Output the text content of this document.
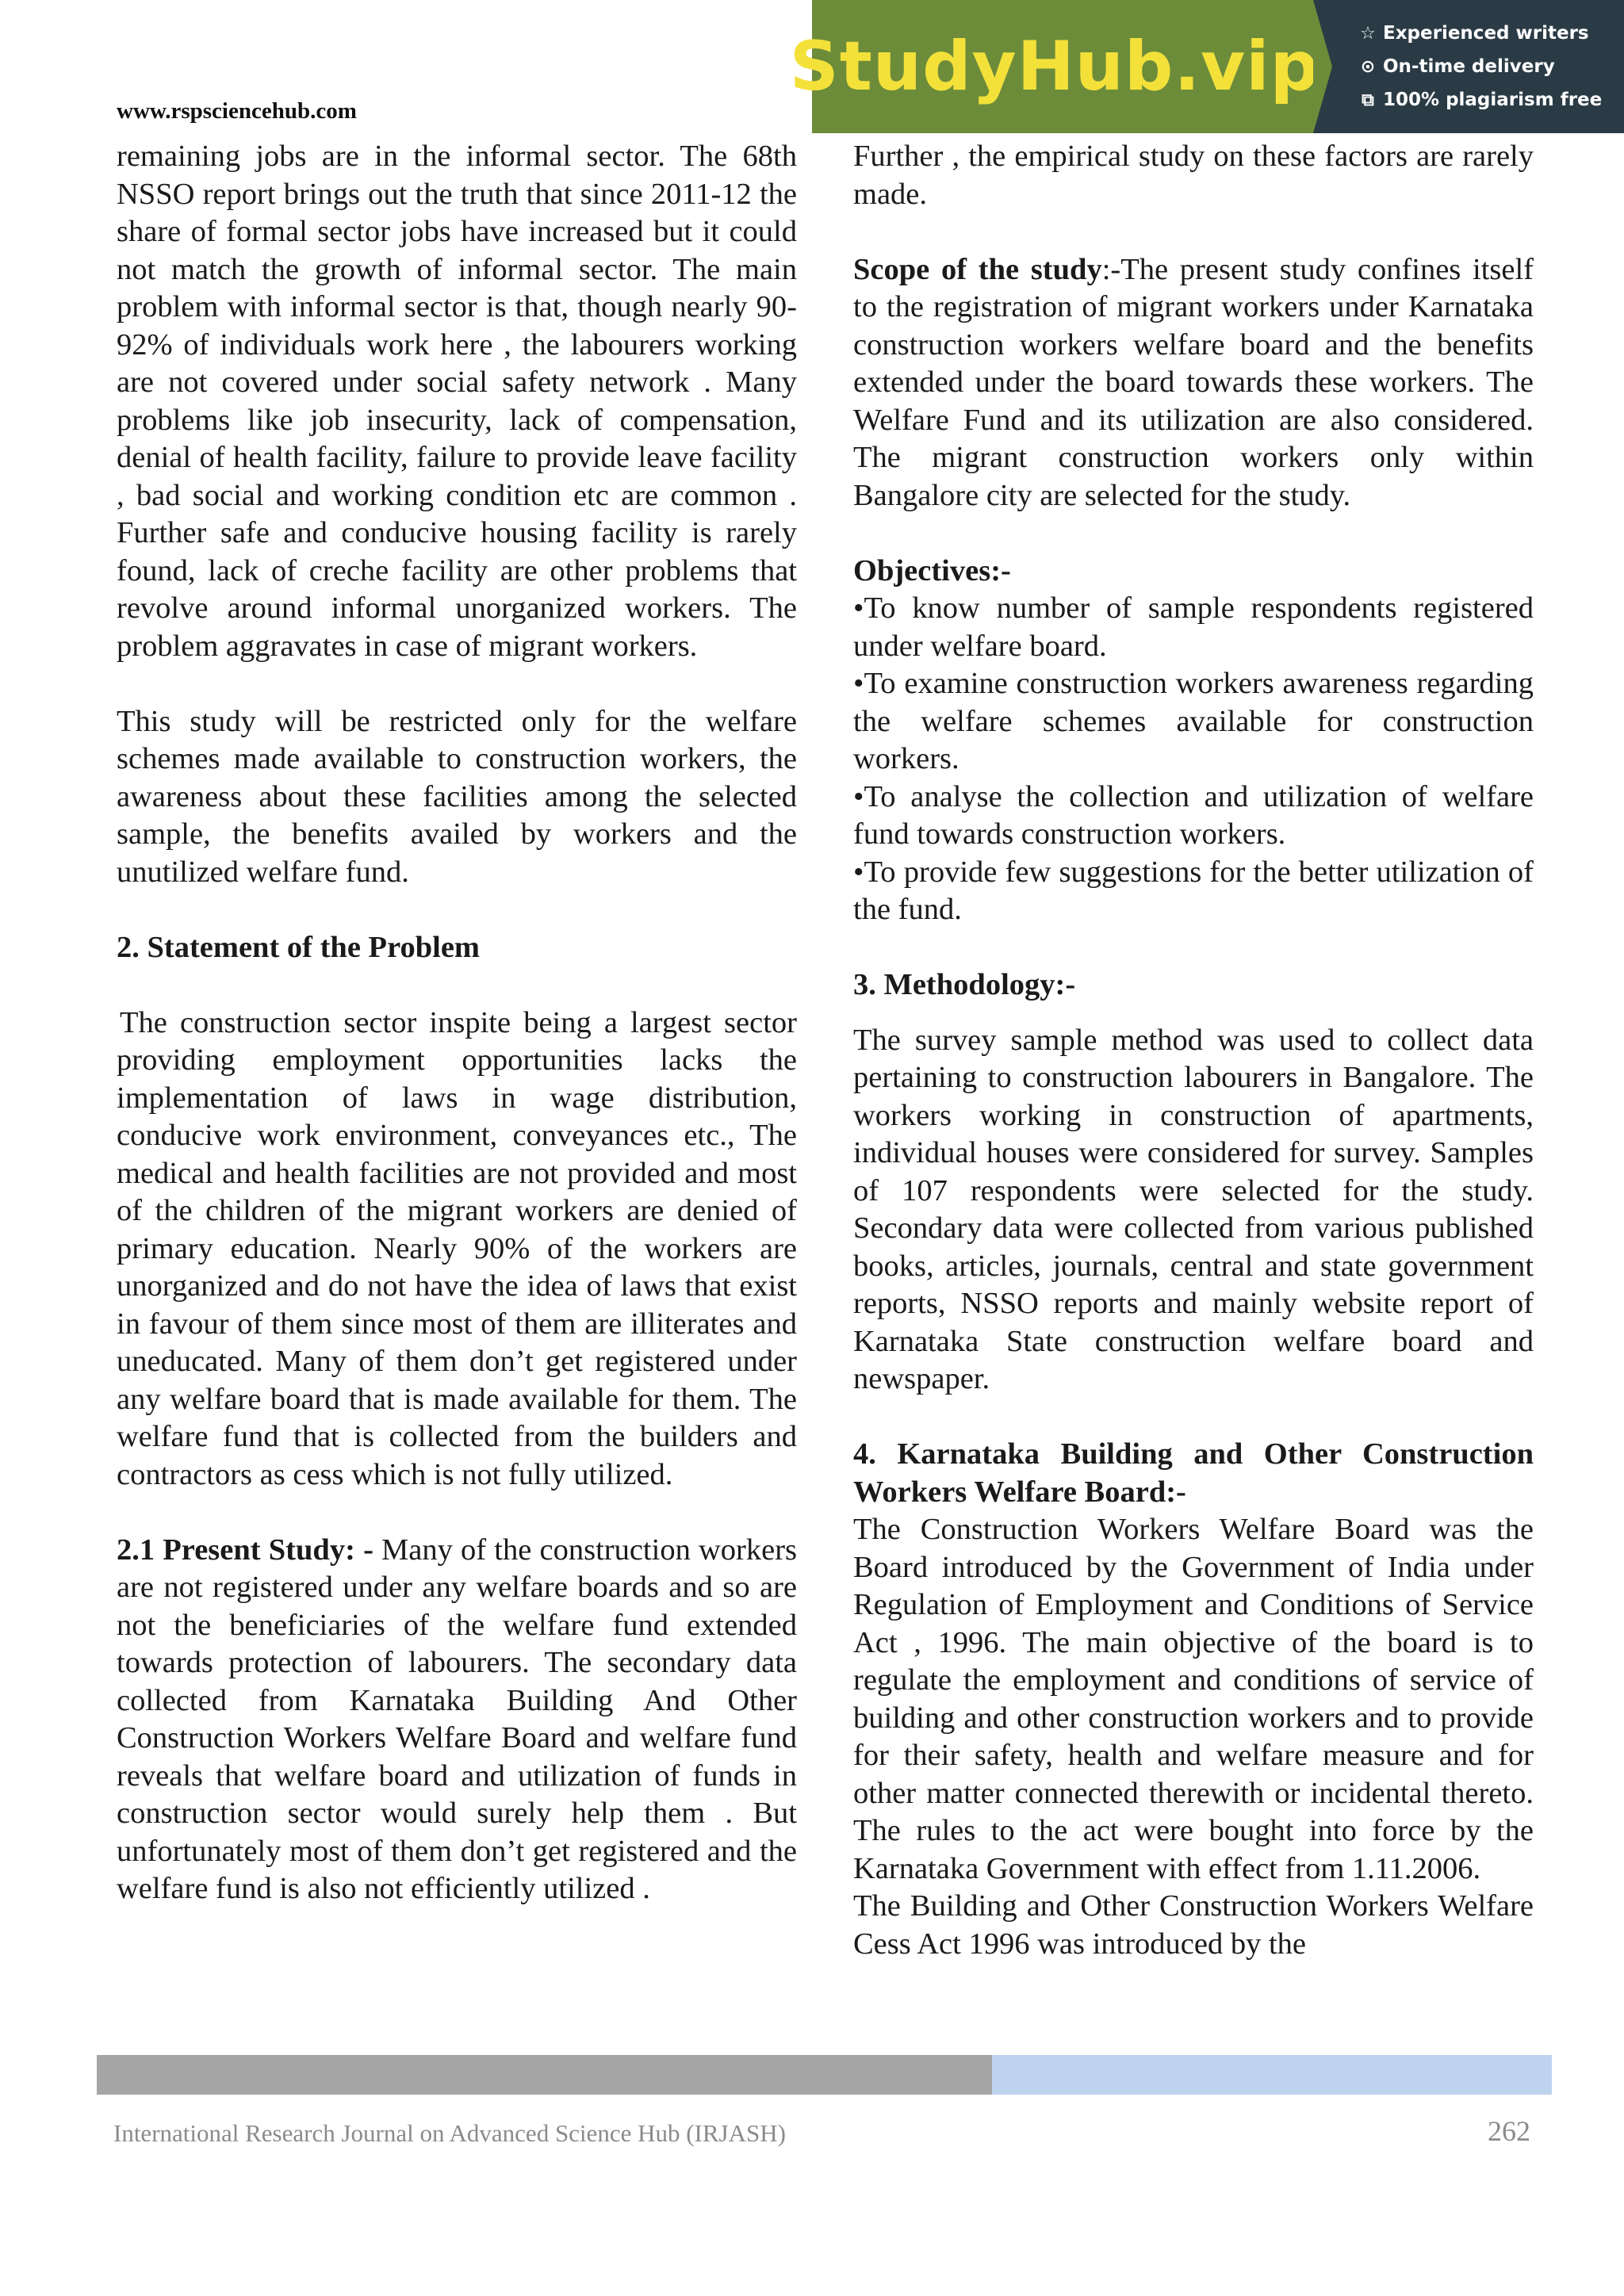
StudyHub.vip ☆ Experienced writers
⊙ On-time delivery
⧉ 100% plagiarism free
www.rspsciencehub.com

remaining jobs are in the informal sector. The 68th NSSO report brings out the truth that since 2011-12 the share of formal sector jobs have increased but it could not match the growth of informal sector. The main problem with informal sector is that, though nearly 90-92% of individuals work here , the labourers working are not covered under social safety network . Many problems like job insecurity, lack of compensation, denial of health facility, failure to provide leave facility , bad social and working condition etc are common . Further safe and conducive housing facility is rarely found, lack of creche facility are other problems that revolve around informal unorganized workers. The problem aggravates in case of migrant workers.

This study will be restricted only for the welfare schemes made available to construction workers, the awareness about these facilities among the selected sample, the benefits availed by workers and the unutilized welfare fund.

2. Statement of the Problem

The construction sector inspite being a largest sector providing employment opportunities lacks the implementation of laws in wage distribution, conducive work environment, conveyances etc., The medical and health facilities are not provided and most of the children of the migrant workers are denied of primary education. Nearly 90% of the workers are unorganized and do not have the idea of laws that exist in favour of them since most of them are illiterates and uneducated. Many of them don’t get registered under any welfare board that is made available for them. The welfare fund that is collected from the builders and contractors as cess which is not fully utilized.

2.1 Present Study: - Many of the construction workers are not registered under any welfare boards and so are not the beneficiaries of the welfare fund extended towards protection of labourers. The secondary data collected from Karnataka Building And Other Construction Workers Welfare Board and welfare fund reveals that welfare board and utilization of funds in construction sector would surely help them . But unfortunately most of them don’t get registered and the welfare fund is also not efficiently utilized .

Further , the empirical study on these factors are rarely made.

Scope of the study:-The present study confines itself to the registration of migrant workers under Karnataka construction workers welfare board and the benefits extended under the board towards these workers. The Welfare Fund and its utilization are also considered. The migrant construction workers only within Bangalore city are selected for the study.

Objectives:-

•To know number of sample respondents registered under welfare board.

•To examine construction workers awareness regarding the welfare schemes available for construction workers.

•To analyse the collection and utilization of welfare fund towards construction workers.

•To provide few suggestions for the better utilization of the fund.

3. Methodology:-

The survey sample method was used to collect data pertaining to construction labourers in Bangalore. The workers working in construction of apartments, individual houses were considered for survey. Samples of 107 respondents were selected for the study. Secondary data were collected from various published books, articles, journals, central and state government reports, NSSO reports and mainly website report of Karnataka State construction welfare board and newspaper.

4. Karnataka Building and Other Construction Workers Welfare Board:-

The Construction Workers Welfare Board was the Board introduced by the Government of India under Regulation of Employment and Conditions of Service Act , 1996. The main objective of the board is to regulate the employment and conditions of service of building and other construction workers and to provide for their safety, health and welfare measure and for other matter connected therewith or incidental thereto. The rules to the act were bought into force by the Karnataka Government with effect from 1.11.2006.

The Building and Other Construction Workers Welfare Cess Act 1996 was introduced by the

International Research Journal on Advanced Science Hub (IRJASH)	262
